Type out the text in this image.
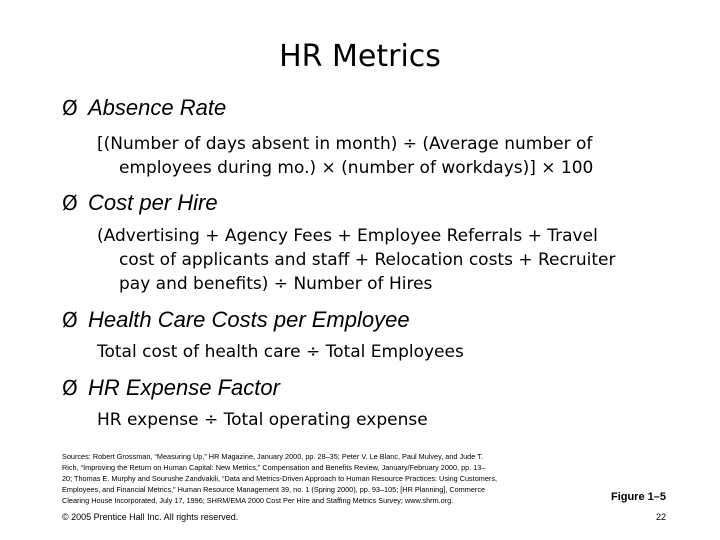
HR Metrics
Ø Absence Rate
[(Number of days absent in month) ÷ (Average number of
employees during mo.) × (number of workdays)] × 100
Ø Cost per Hire
(Advertising + Agency Fees + Employee Referrals + Travel
cost of applicants and staff + Relocation costs + Recruiter
pay and benefits) ÷ Number of Hires
Ø Health Care Costs per Employee
Total cost of health care ÷ Total Employees
Ø HR Expense Factor
HR expense ÷ Total operating expense
Sources: Robert Grossman, “Measuring Up,” HR Magazine, January 2000, pp. 28–35; Peter V. Le Blanc, Paul Mulvey, and Jude T.
Rich, “Improving the Return on Human Capital: New Metrics,” Compensation and Benefits Review, January/February 2000, pp. 13–
20; Thomas E. Murphy and Sourushe Zandvakili, “Data and Metrics-Driven Approach to Human Resource Practices: Using Customers,
Employees, and Financial Metrics,” Human Resource Management 39, no. 1 (Spring 2000), pp. 93–105; [HR Planning], Commerce
Clearing House Incorporated, July 17, 1996; SHRM/EMA 2000 Cost Per Hire and Staffing Metrics Survey; www.shrm.org.	Figure 1–5
© 2005 Prentice Hall Inc. All rights reserved.	22
